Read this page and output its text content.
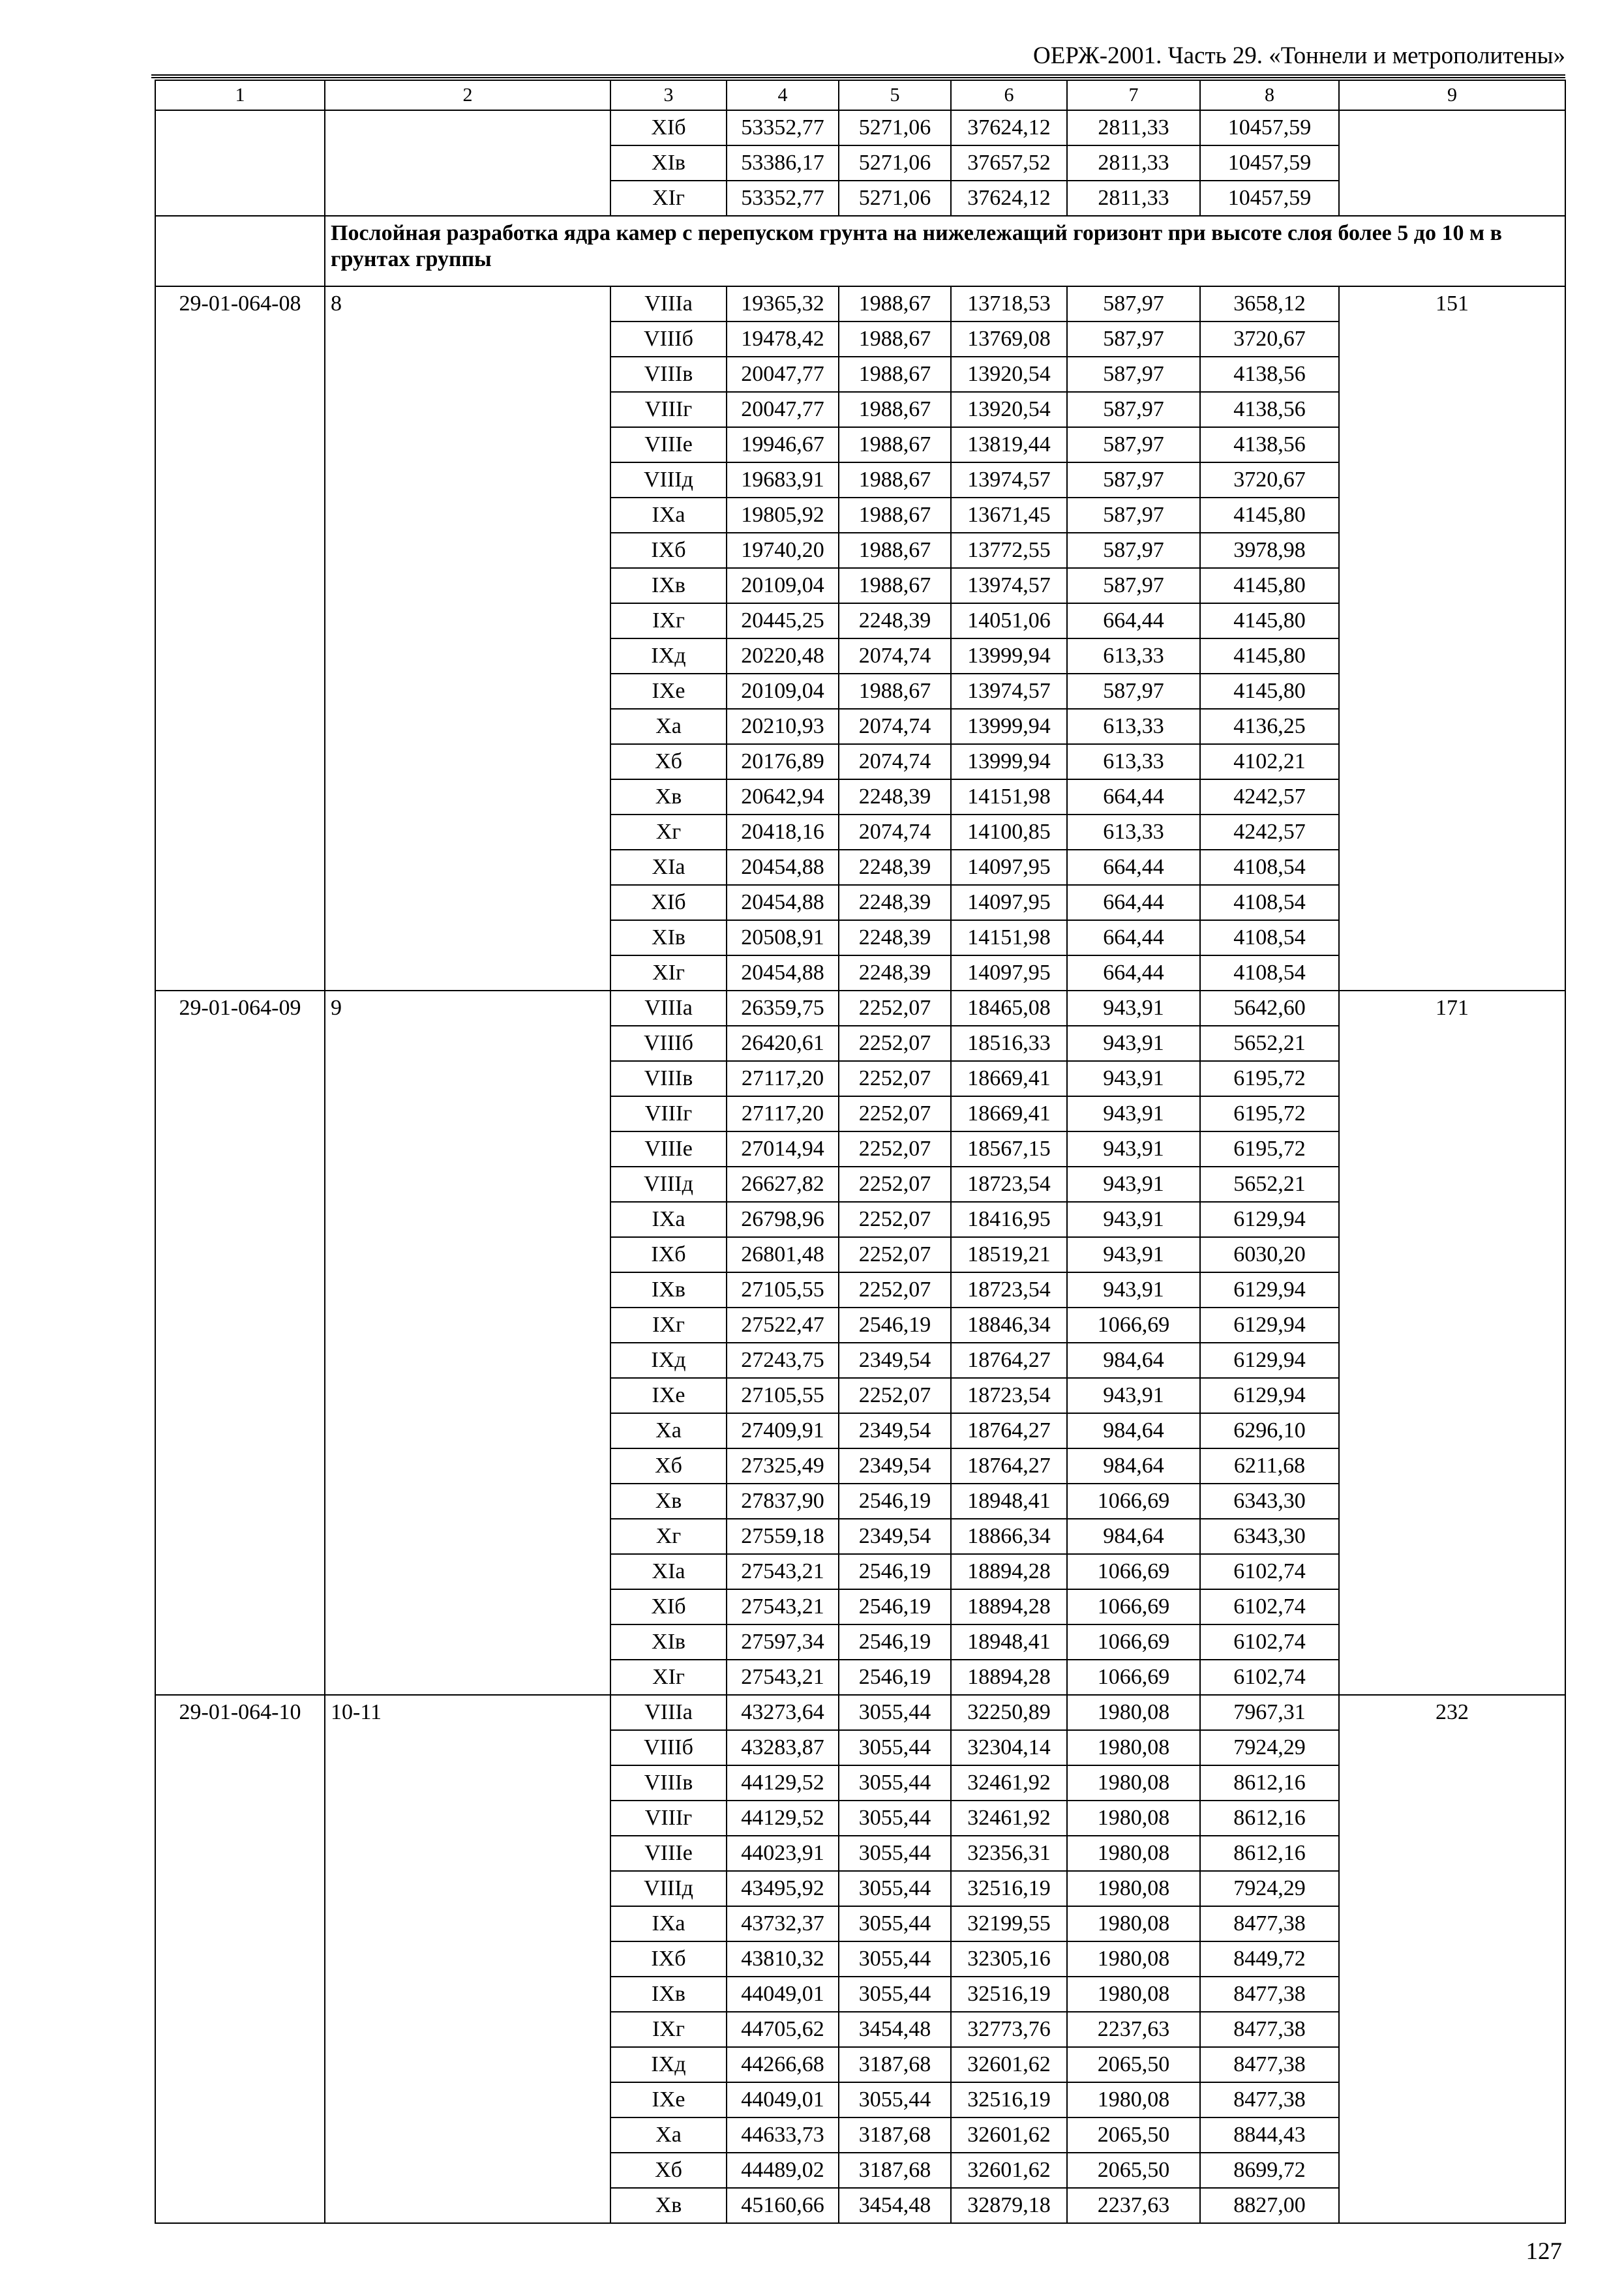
ОЕРЖ-2001. Часть 29. «Тоннели и метрополитены»
1	2	3	4	5	6	7	8	9
		ХIб	53352,77	5271,06	37624,12	2811,33	10457,59	
		ХIв	53386,17	5271,06	37657,52	2811,33	10457,59	
		ХIг	53352,77	5271,06	37624,12	2811,33	10457,59	
	Послойная разработка ядра камер с перепуском грунта на нижележащий горизонт при высоте слоя более 5 до 10 м в грунтах группы							
29-01-064-08	8	VIIIа	19365,32	1988,67	13718,53	587,97	3658,12	151
		VIIIб	19478,42	1988,67	13769,08	587,97	3720,67	
		VIIIв	20047,77	1988,67	13920,54	587,97	4138,56	
		VIIIг	20047,77	1988,67	13920,54	587,97	4138,56	
		VIIIе	19946,67	1988,67	13819,44	587,97	4138,56	
		VIIIд	19683,91	1988,67	13974,57	587,97	3720,67	
		IХа	19805,92	1988,67	13671,45	587,97	4145,80	
		IХб	19740,20	1988,67	13772,55	587,97	3978,98	
		IХв	20109,04	1988,67	13974,57	587,97	4145,80	
		IХг	20445,25	2248,39	14051,06	664,44	4145,80	
		IХд	20220,48	2074,74	13999,94	613,33	4145,80	
		IХе	20109,04	1988,67	13974,57	587,97	4145,80	
		Ха	20210,93	2074,74	13999,94	613,33	4136,25	
		Хб	20176,89	2074,74	13999,94	613,33	4102,21	
		Хв	20642,94	2248,39	14151,98	664,44	4242,57	
		Хг	20418,16	2074,74	14100,85	613,33	4242,57	
		ХIа	20454,88	2248,39	14097,95	664,44	4108,54	
		ХIб	20454,88	2248,39	14097,95	664,44	4108,54	
		ХIв	20508,91	2248,39	14151,98	664,44	4108,54	
		ХIг	20454,88	2248,39	14097,95	664,44	4108,54	
29-01-064-09	9	VIIIа	26359,75	2252,07	18465,08	943,91	5642,60	171
		VIIIб	26420,61	2252,07	18516,33	943,91	5652,21	
		VIIIв	27117,20	2252,07	18669,41	943,91	6195,72	
		VIIIг	27117,20	2252,07	18669,41	943,91	6195,72	
		VIIIе	27014,94	2252,07	18567,15	943,91	6195,72	
		VIIIд	26627,82	2252,07	18723,54	943,91	5652,21	
		IХа	26798,96	2252,07	18416,95	943,91	6129,94	
		IХб	26801,48	2252,07	18519,21	943,91	6030,20	
		IХв	27105,55	2252,07	18723,54	943,91	6129,94	
		IХг	27522,47	2546,19	18846,34	1066,69	6129,94	
		IХд	27243,75	2349,54	18764,27	984,64	6129,94	
		IХе	27105,55	2252,07	18723,54	943,91	6129,94	
		Ха	27409,91	2349,54	18764,27	984,64	6296,10	
		Хб	27325,49	2349,54	18764,27	984,64	6211,68	
		Хв	27837,90	2546,19	18948,41	1066,69	6343,30	
		Хг	27559,18	2349,54	18866,34	984,64	6343,30	
		ХIа	27543,21	2546,19	18894,28	1066,69	6102,74	
		ХIб	27543,21	2546,19	18894,28	1066,69	6102,74	
		ХIв	27597,34	2546,19	18948,41	1066,69	6102,74	
		ХIг	27543,21	2546,19	18894,28	1066,69	6102,74	
29-01-064-10	10-11	VIIIа	43273,64	3055,44	32250,89	1980,08	7967,31	232
		VIIIб	43283,87	3055,44	32304,14	1980,08	7924,29	
		VIIIв	44129,52	3055,44	32461,92	1980,08	8612,16	
		VIIIг	44129,52	3055,44	32461,92	1980,08	8612,16	
		VIIIе	44023,91	3055,44	32356,31	1980,08	8612,16	
		VIIIд	43495,92	3055,44	32516,19	1980,08	7924,29	
		IХа	43732,37	3055,44	32199,55	1980,08	8477,38	
		IХб	43810,32	3055,44	32305,16	1980,08	8449,72	
		IХв	44049,01	3055,44	32516,19	1980,08	8477,38	
		IХг	44705,62	3454,48	32773,76	2237,63	8477,38	
		IХд	44266,68	3187,68	32601,62	2065,50	8477,38	
		IХе	44049,01	3055,44	32516,19	1980,08	8477,38	
		Ха	44633,73	3187,68	32601,62	2065,50	8844,43	
		Хб	44489,02	3187,68	32601,62	2065,50	8699,72	
		Хв	45160,66	3454,48	32879,18	2237,63	8827,00	
127
